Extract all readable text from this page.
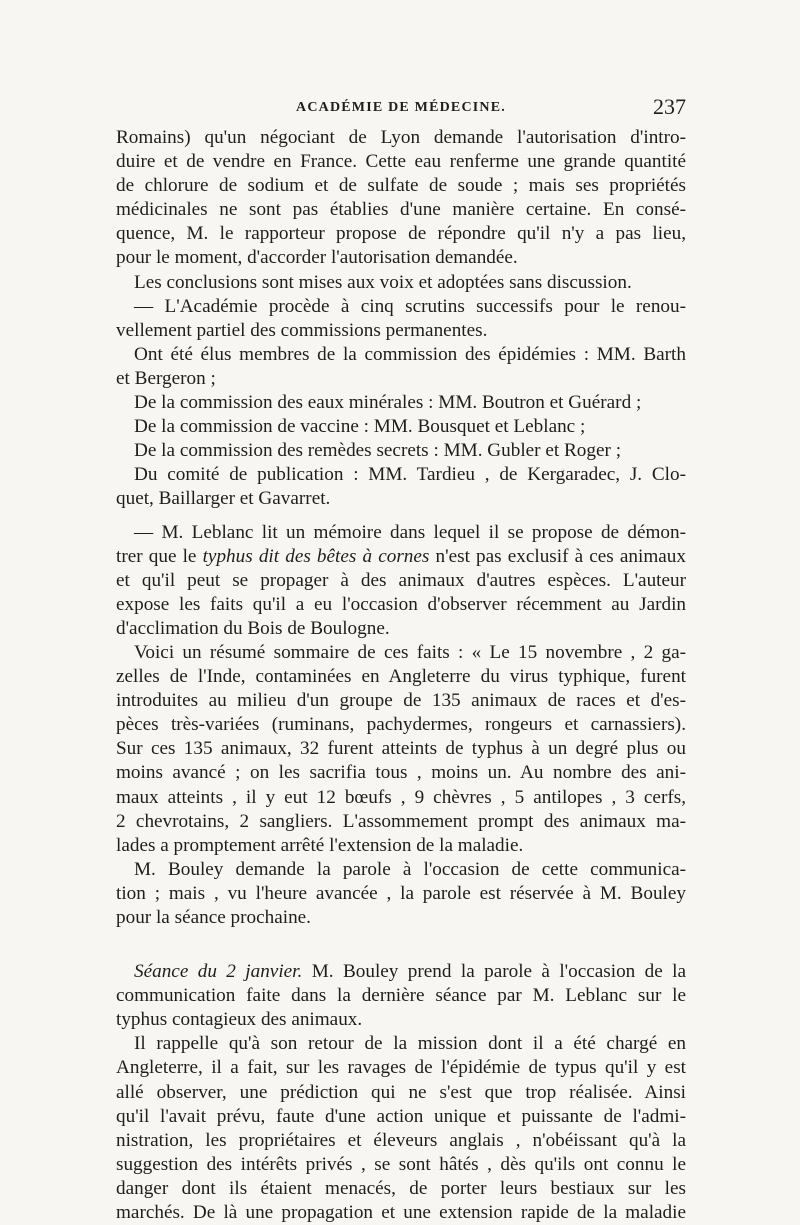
ACADÉMIE DE MÉDECINE.	237
Romains) qu'un négociant de Lyon demande l'autorisation d'intro-
duire et de vendre en France. Cette eau renferme une grande quantité
de chlorure de sodium et de sulfate de soude ; mais ses propriétés
médicinales ne sont pas établies d'une manière certaine. En consé-
quence, M. le rapporteur propose de répondre qu'il n'y a pas lieu,
pour le moment, d'accorder l'autorisation demandée.
Les conclusions sont mises aux voix et adoptées sans discussion.
— L'Académie procède à cinq scrutins successifs pour le renou-
vellement partiel des commissions permanentes.
Ont été élus membres de la commission des épidémies : MM. Barth
et Bergeron ;
De la commission des eaux minérales : MM. Boutron et Guérard ;
De la commission de vaccine : MM. Bousquet et Leblanc ;
De la commission des remèdes secrets : MM. Gubler et Roger ;
Du comité de publication : MM. Tardieu , de Kergaradec, J. Clo-
quet, Baillarger et Gavarret.
— M. Leblanc lit un mémoire dans lequel il se propose de démon-
trer que le typhus dit des bêtes à cornes n'est pas exclusif à ces animaux
et qu'il peut se propager à des animaux d'autres espèces. L'auteur
expose les faits qu'il a eu l'occasion d'observer récemment au Jardin
d'acclimation du Bois de Boulogne.
Voici un résumé sommaire de ces faits : « Le 15 novembre , 2 ga-
zelles de l'Inde, contaminées en Angleterre du virus typhique, furent
introduites au milieu d'un groupe de 135 animaux de races et d'es-
pèces très-variées (ruminans, pachydermes, rongeurs et carnassiers).
Sur ces 135 animaux, 32 furent atteints de typhus à un degré plus ou
moins avancé ; on les sacrifia tous , moins un. Au nombre des ani-
maux atteints , il y eut 12 bœufs , 9 chèvres , 5 antilopes , 3 cerfs,
2 chevrotains, 2 sangliers. L'assommement prompt des animaux ma-
lades a promptement arrêté l'extension de la maladie.
M. Bouley demande la parole à l'occasion de cette communica-
tion ; mais , vu l'heure avancée , la parole est réservée à M. Bouley
pour la séance prochaine.
Séance du 2 janvier. M. Bouley prend la parole à l'occasion de la
communication faite dans la dernière séance par M. Leblanc sur le
typhus contagieux des animaux.
Il rappelle qu'à son retour de la mission dont il a été chargé en
Angleterre, il a fait, sur les ravages de l'épidémie de typus qu'il y est
allé observer, une prédiction qui ne s'est que trop réalisée. Ainsi
qu'il l'avait prévu, faute d'une action unique et puissante de l'admi-
nistration, les propriétaires et éleveurs anglais , n'obéissant qu'à la
suggestion des intérêts privés , se sont hâtés , dès qu'ils ont connu le
danger dont ils étaient menacés, de porter leurs bestiaux sur les
marchés. De là une propagation et une extension rapide de la maladie
